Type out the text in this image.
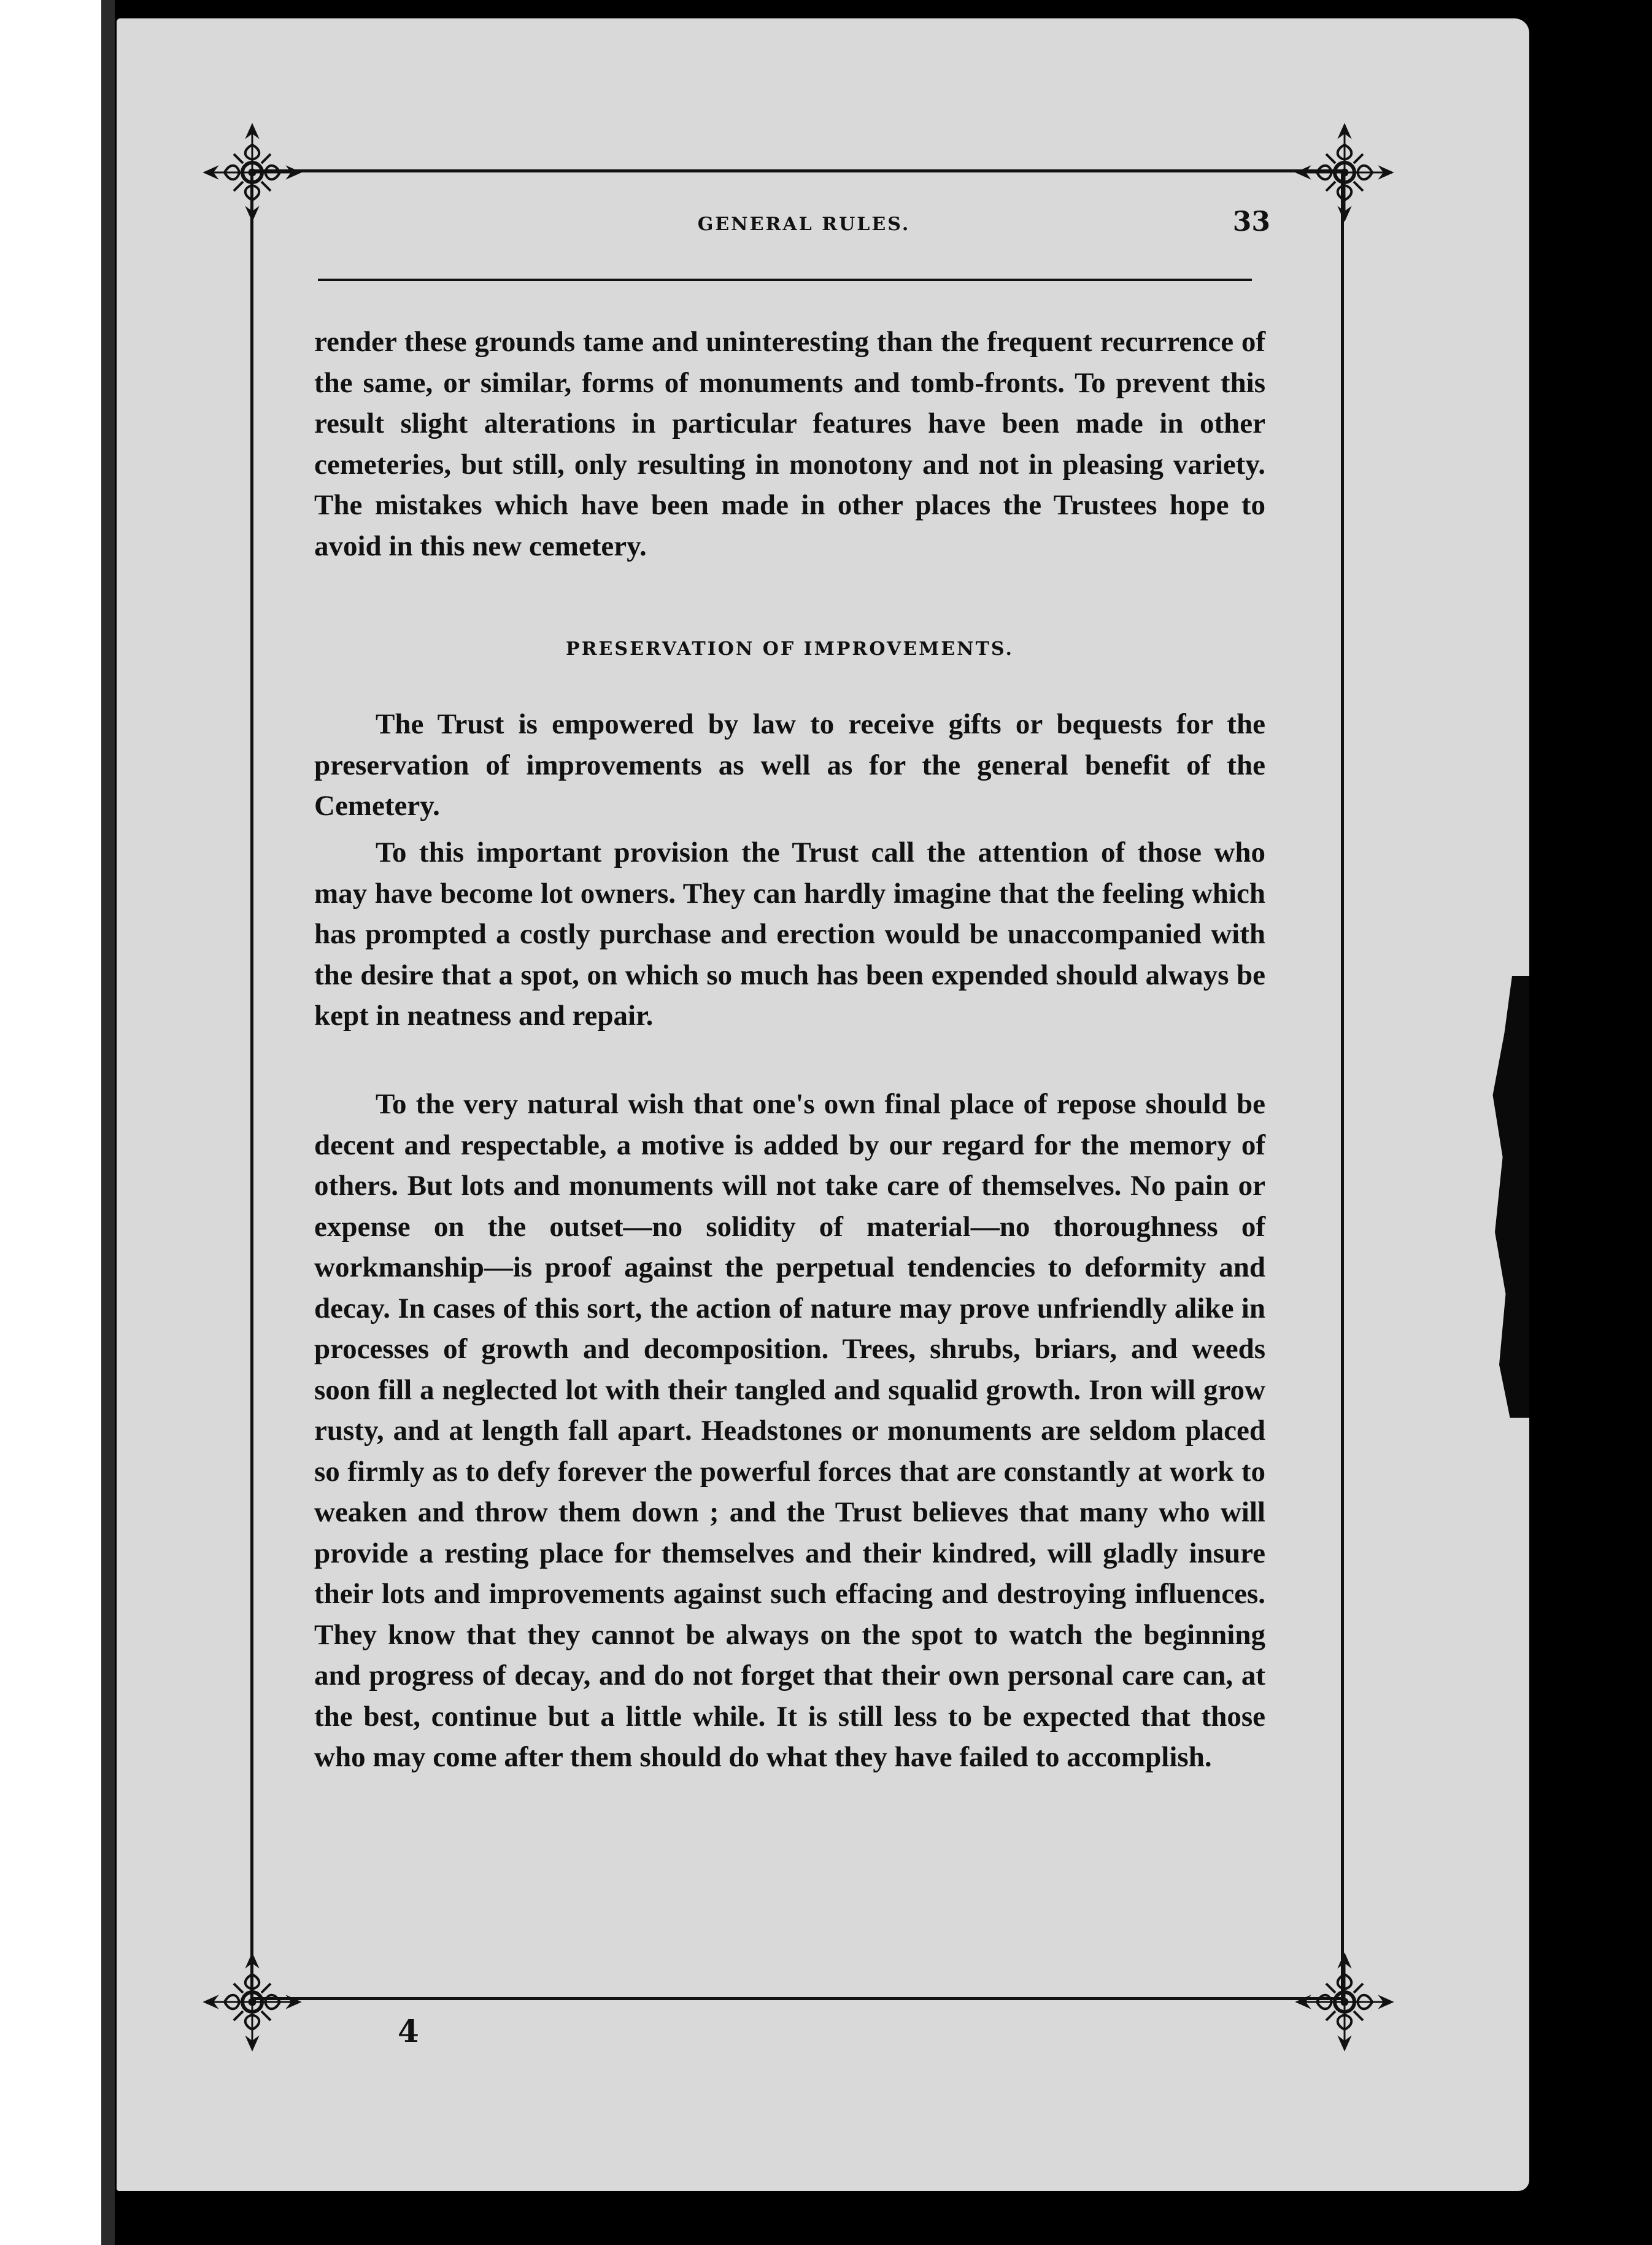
GENERAL RULES.	33

render these grounds tame and uninteresting than the frequent recurrence of the same, or similar, forms of monuments and tomb-fronts. To prevent this result slight alterations in particular features have been made in other cemeteries, but still, only resulting in monotony and not in pleasing variety. The mistakes which have been made in other places the Trustees hope to avoid in this new cemetery.

PRESERVATION OF IMPROVEMENTS.

The Trust is empowered by law to receive gifts or bequests for the preservation of improvements as well as for the general benefit of the Cemetery.

To this important provision the Trust call the attention of those who may have become lot owners. They can hardly imagine that the feeling which has prompted a costly purchase and erection would be unaccompanied with the desire that a spot, on which so much has been expended should always be kept in neatness and repair.

To the very natural wish that one's own final place of repose should be decent and respectable, a motive is added by our regard for the memory of others. But lots and monuments will not take care of themselves. No pain or expense on the outset—no solidity of material—no thoroughness of workmanship—is proof against the perpetual tendencies to deformity and decay. In cases of this sort, the action of nature may prove unfriendly alike in processes of growth and decomposition. Trees, shrubs, briars, and weeds soon fill a neglected lot with their tangled and squalid growth. Iron will grow rusty, and at length fall apart. Headstones or monuments are seldom placed so firmly as to defy forever the powerful forces that are constantly at work to weaken and throw them down ; and the Trust believes that many who will provide a resting place for themselves and their kindred, will gladly insure their lots and improvements against such effacing and destroying influences. They know that they cannot be always on the spot to watch the beginning and progress of decay, and do not forget that their own personal care can, at the best, continue but a little while. It is still less to be expected that those who may come after them should do what they have failed to accomplish.

4
